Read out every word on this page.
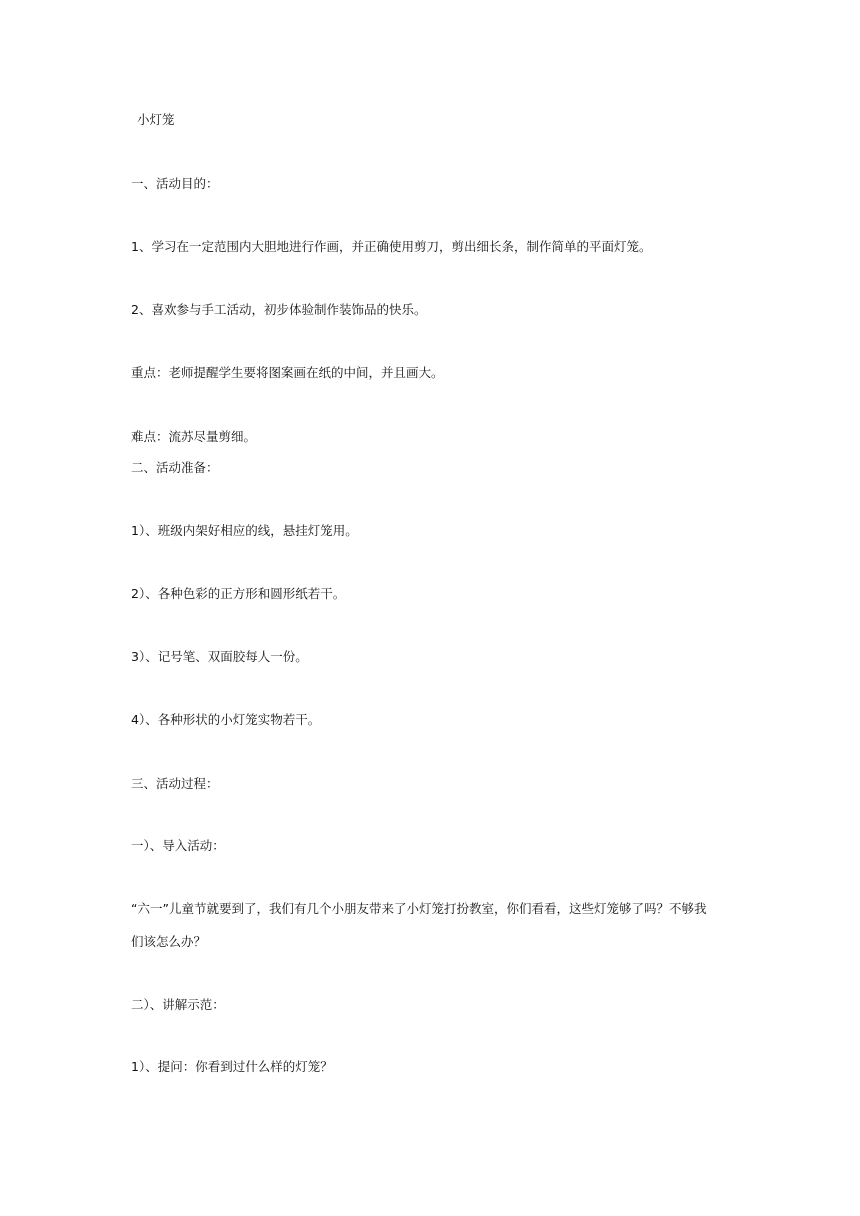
小灯笼

一、活动目的：

1、学习在一定范围内大胆地进行作画，并正确使用剪刀，剪出细长条，制作简单的平面灯笼。

2、喜欢参与手工活动，初步体验制作装饰品的快乐。

重点：老师提醒学生要将图案画在纸的中间，并且画大。

难点：流苏尽量剪细。

二、活动准备：

1）、班级内架好相应的线，悬挂灯笼用。

2）、各种色彩的正方形和圆形纸若干。

3）、记号笔、双面胶每人一份。

4）、各种形状的小灯笼实物若干。

三、活动过程：

一）、导入活动：

“六一”儿童节就要到了，我们有几个小朋友带来了小灯笼打扮教室，你们看看，这些灯笼够了吗？不够我

们该怎么办？

二）、讲解示范：

1）、提问：你看到过什么样的灯笼？
